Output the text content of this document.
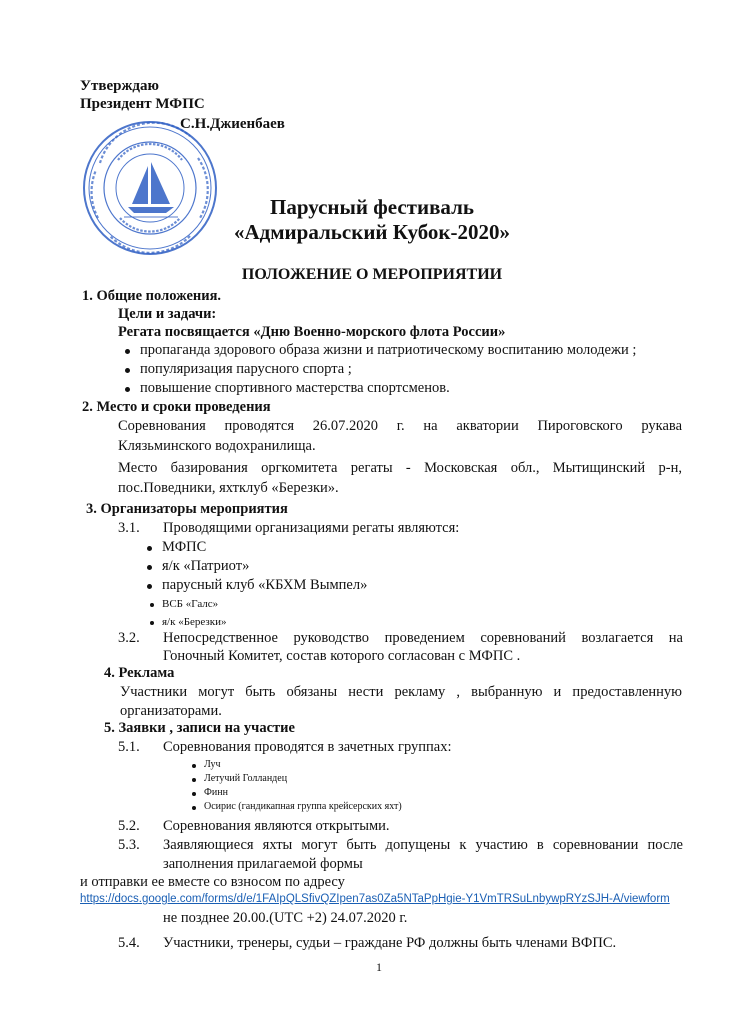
Утверждаю
Президент МФПС
С.Н.Джиенбаев
Парусный фестиваль
«Адмиральский Кубок-2020»
ПОЛОЖЕНИЕ О МЕРОПРИЯТИИ
1. Общие положения.
Цели и задачи:
Регата посвящается «Дню Военно-морского флота России»
пропаганда здорового образа жизни и патриотическому воспитанию молодежи ;
популяризация парусного спорта ;
повышение спортивного мастерства спортсменов.
2. Место и сроки проведения
Соревнования проводятся 26.07.2020 г. на акватории Пироговского рукава
Клязьминского водохранилища.
Место базирования оргкомитета регаты - Московская обл., Мытищинский р-н,
пос.Поведники, яхтклуб «Березки».
3. Организаторы мероприятия
3.1. Проводящими организациями регаты являются:
МФПС
я/к «Патриот»
парусный клуб «КБХМ Вымпел»
ВСБ «Галс»
я/к «Березки»
3.2. Непосредственное руководство проведением соревнований возлагается на
Гоночный Комитет, состав которого согласован с МФПС .
4. Реклама
Участники могут быть обязаны нести рекламу , выбранную и предоставленную
организаторами.
5. Заявки , записи на участие
5.1. Соревнования проводятся в зачетных группах:
Луч
Летучий Голландец
Финн
Осирис (гандикапная группа крейсерских яхт)
5.2. Соревнования являются открытыми.
5.3. Заявляющиеся яхты могут быть допущены к участию в соревновании после
заполнения прилагаемой формы
и отправки ее вместе со взносом по адресу
https://docs.google.com/forms/d/e/1FAIpQLSfivQZIpen7as0Za5NTaPpHgie-Y1VmTRSuLnbywpRYzSJH-A/viewform
не позднее 20.00.(UTC +2) 24.07.2020 г.
5.4. Участники, тренеры, судьи – граждане РФ должны быть членами ВФПС.
1
